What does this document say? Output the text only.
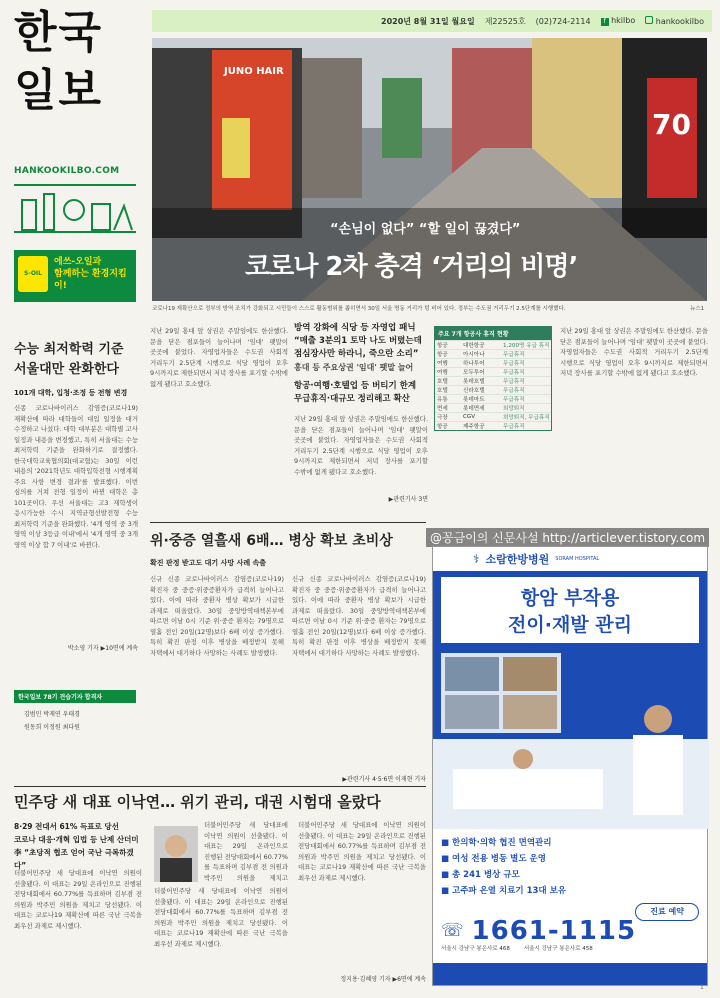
한국
일보
HANKOOKILBO.COM
S-OIL
에쓰-오일과
함께하는 환경지킴이!
2020년 8월 31일 월요일 제22525호 (02)724-2114	f hkilbo	hankookilbo
JUNO HAIR
70
“손님이 없다” “할 일이 끊겼다”
코로나 2차 충격 ‘거리의 비명’
코로나19 재확산으로 정부의 방역 조치가 강화되고 시민들이 스스로 활동범위를 좁히면서 30일 서울 명동 거리가 텅 비어 있다. 정부는 수도권 거리두기 2.5단계를 시행했다.	뉴스1
수능 최저학력 기준
서울대만 완화한다
101개 대학, 입청·조정 등 전형 변경
신종 코로나바이러스 감염증(코로나19) 재확산에 따라 대학들이 대입 일정을 대거 수정하고 나섰다. 대학 대부분은 대학별 고사 일정과 내용을 변경했고, 특히 서울대는 수능 최저학력 기준을 완화하기로 결정했다. 한국대학교육협의회(대교협)는 30일 이런 내용의 '2021학년도 대학입학전형 시행계획 주요 사항 변경 결과'를 발표했다. 이번 심의를 거쳐 전형 일정이 바뀐 대학은 총 101곳이다. 우선 서울대는 고3 재학생이 응시가능한 수시 지역균형선발전형 수능 최저학력 기준을 완화했다. '4개 영역 중 3개 영역 이상 3등급 이내'에서 '4개 영역 중 3개 영역 이상 합 7 이내'로 바뀐다.
박소영 기자 ▶10면에 계속
한국일보 78기 견습기자 합격자
김범민 박재연 우태경
원동희 이정원 최다원
지난 29일 홍대 앞 상권은 주말임에도 한산했다. 문을 닫은 점포들이 늘어나며 '임대' 팻말이 곳곳에 붙었다. 자영업자들은 수도권 사회적 거리두기 2.5단계 시행으로 식당 영업이 오후 9시까지로 제한되면서 저녁 장사를 포기할 수밖에 없게 됐다고 호소했다.
방역 강화에 식당 등 자영업 패닉
“매출 3분의1 토막 나도 버텼는데
점심장사만 하라니, 죽으란 소리”
홍대 등 주요상권 '임대' 팻말 늘어
항공·여행·호텔업 등 버티기 한계
무급휴직·대규모 정리해고 확산
지난 29일 홍대 앞 상권은 주말임에도 한산했다. 문을 닫은 점포들이 늘어나며 '임대' 팻말이 곳곳에 붙었다. 자영업자들은 수도권 사회적 거리두기 2.5단계 시행으로 식당 영업이 오후 9시까지로 제한되면서 저녁 장사를 포기할 수밖에 없게 됐다고 호소했다.
▶관련기사 3면
주요 7개 항공사 휴직 현황
항공	대한항공	1,200명 유급 휴직
항공	아시아나	무급휴직
여행	하나투어	무급휴직
여행	모두투어	무급휴직
호텔	롯데호텔	무급휴직
호텔	신라호텔	무급휴직
유통	롯데마트	무급휴직
면세	롯데면세	희망퇴직
극장	CGV	희망퇴직, 무급휴직
항공	제주항공	무급휴직
지난 29일 홍대 앞 상권은 주말임에도 한산했다. 문을 닫은 점포들이 늘어나며 '임대' 팻말이 곳곳에 붙었다. 자영업자들은 수도권 사회적 거리두기 2.5단계 시행으로 식당 영업이 오후 9시까지로 제한되면서 저녁 장사를 포기할 수밖에 없게 됐다고 호소했다.
위·중증 열흘새 6배… 병상 확보 초비상
확진 판정 받고도 대기 사망 사례 속출
신규 신종 코로나바이러스 감염증(코로나19) 확진자 중 중증·위중증환자가 급격히 늘어나고 있다. 이에 따라 중환자 병상 확보가 시급한 과제로 떠올랐다. 30일 중앙방역대책본부에 따르면 이날 0시 기준 위·중증 환자는 79명으로 열흘 전인 20일(12명)보다 6배 이상 증가했다. 특히 확진 판정 이후 병상을 배정받지 못해 자택에서 대기하다 사망하는 사례도 발생했다.
신규 신종 코로나바이러스 감염증(코로나19) 확진자 중 중증·위중증환자가 급격히 늘어나고 있다. 이에 따라 중환자 병상 확보가 시급한 과제로 떠올랐다. 30일 중앙방역대책본부에 따르면 이날 0시 기준 위·중증 환자는 79명으로 열흘 전인 20일(12명)보다 6배 이상 증가했다. 특히 확진 판정 이후 병상을 배정받지 못해 자택에서 대기하다 사망하는 사례도 발생했다.
▶관련기사 4·5·6면 이재현 기자
@꽁금이의 신문사설 http://articlever.tistory.com
⚕ 소람한방병원 SORAM HOSPITAL
항암 부작용
전이·재발 관리
■ 한의학·의학 협진 면역관리
■ 여성 전용 병동 별도 운영
■ 총 241 병상 규모
■ 고주파 온열 치료기 13대 보유
진료 예약
☏ 1661-1115
서울시 강남구 봉은사로 468	서울시 강남구 봉은사로 458
민주당 새 대표 이낙연… 위기 관리, 대권 시험대 올랐다
8·29 전대서 61% 득표로 당선
코로나 대응·개혁 입법 등 난제 산더미
李 “초당적 협조 얻어 국난 극복하겠다”
더불어민주당 새 당대표에 이낙연 의원이 선출됐다. 이 대표는 29일 온라인으로 진행된 전당대회에서 60.77%를 득표하며 김부겸 전 의원과 박주민 의원을 제치고 당선됐다. 이 대표는 코로나19 재확산에 따른 국난 극복을 최우선 과제로 제시했다.
더불어민주당 새 당대표에 이낙연 의원이 선출됐다. 이 대표는 29일 온라인으로 진행된 전당대회에서 60.77%를 득표하며 김부겸 전 의원과 박주민 의원을 제치고 당선됐다. 이 대표는 코로나19 재확산에 따른 국난 극복을 최우선 과제로 제시했다.
더불어민주당 새 당대표에 이낙연 의원이 선출됐다. 이 대표는 29일 온라인으로 진행된 전당대회에서 60.77%를 득표하며 김부겸 전 의원과 박주민 의원을 제치고
더불어민주당 새 당대표에 이낙연 의원이 선출됐다. 이 대표는 29일 온라인으로 진행된 전당대회에서 60.77%를 득표하며 김부겸 전 의원과 박주민 의원을 제치고 당선됐다. 이 대표는 코로나19 재확산에 따른 국난 극복을 최우선 과제로 제시했다.
정지용·김혜영 기자 ▶6면에 계속
1
